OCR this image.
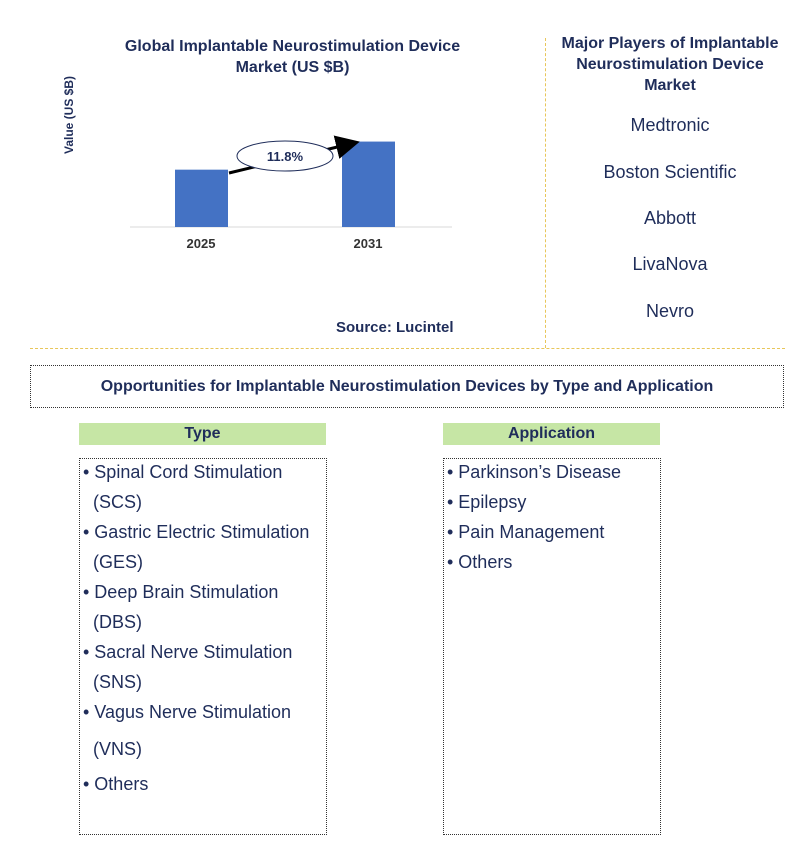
Global Implantable Neurostimulation Device Market (US $B)
Value (US $B)
2025	2031
11.8%
Source: Lucintel
Major Players of Implantable Neurostimulation Device Market
Medtronic
Boston Scientific
Abbott
LivaNova
Nevro
Opportunities for Implantable Neurostimulation Devices by Type and Application
Type
• Spinal Cord Stimulation
(SCS)
• Gastric Electric Stimulation
(GES)
• Deep Brain Stimulation
(DBS)
• Sacral Nerve Stimulation
(SNS)
• Vagus Nerve Stimulation
(VNS)
• Others
Application
• Parkinson’s Disease
• Epilepsy
• Pain Management
• Others
